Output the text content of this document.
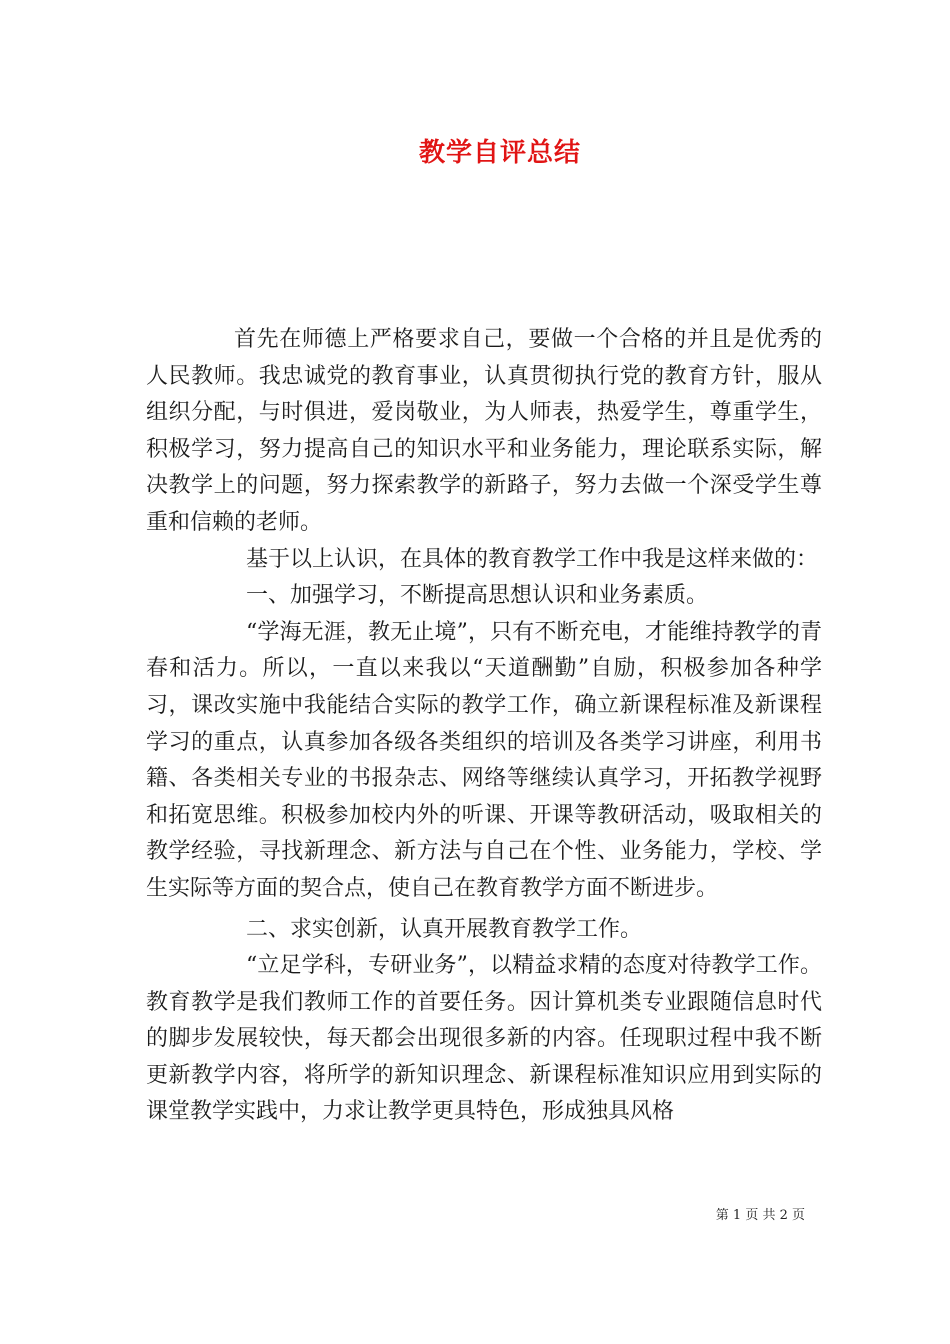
教学自评总结

首先在师德上严格要求自己，要做一个合格的并且是优秀的人民教师。我忠诚党的教育事业，认真贯彻执行党的教育方针，服从组织分配，与时俱进，爱岗敬业，为人师表，热爱学生，尊重学生，积极学习，努力提高自己的知识水平和业务能力，理论联系实际，解决教学上的问题，努力探索教学的新路子，努力去做一个深受学生尊重和信赖的老师。

基于以上认识，在具体的教育教学工作中我是这样来做的：

一、加强学习，不断提高思想认识和业务素质。

“学海无涯，教无止境”，只有不断充电，才能维持教学的青春和活力。所以，一直以来我以“天道酬勤”自励，积极参加各种学习，课改实施中我能结合实际的教学工作，确立新课程标准及新课程学习的重点，认真参加各级各类组织的培训及各类学习讲座，利用书籍、各类相关专业的书报杂志、网络等继续认真学习，开拓教学视野和拓宽思维。积极参加校内外的听课、开课等教研活动，吸取相关的教学经验，寻找新理念、新方法与自己在个性、业务能力，学校、学生实际等方面的契合点，使自己在教育教学方面不断进步。

二、求实创新，认真开展教育教学工作。

“立足学科，专研业务”，以精益求精的态度对待教学工作。教育教学是我们教师工作的首要任务。因计算机类专业跟随信息时代的脚步发展较快，每天都会出现很多新的内容。任现职过程中我不断更新教学内容，将所学的新知识理念、新课程标准知识应用到实际的课堂教学实践中，力求让教学更具特色，形成独具风格

第 1 页 共 2 页
